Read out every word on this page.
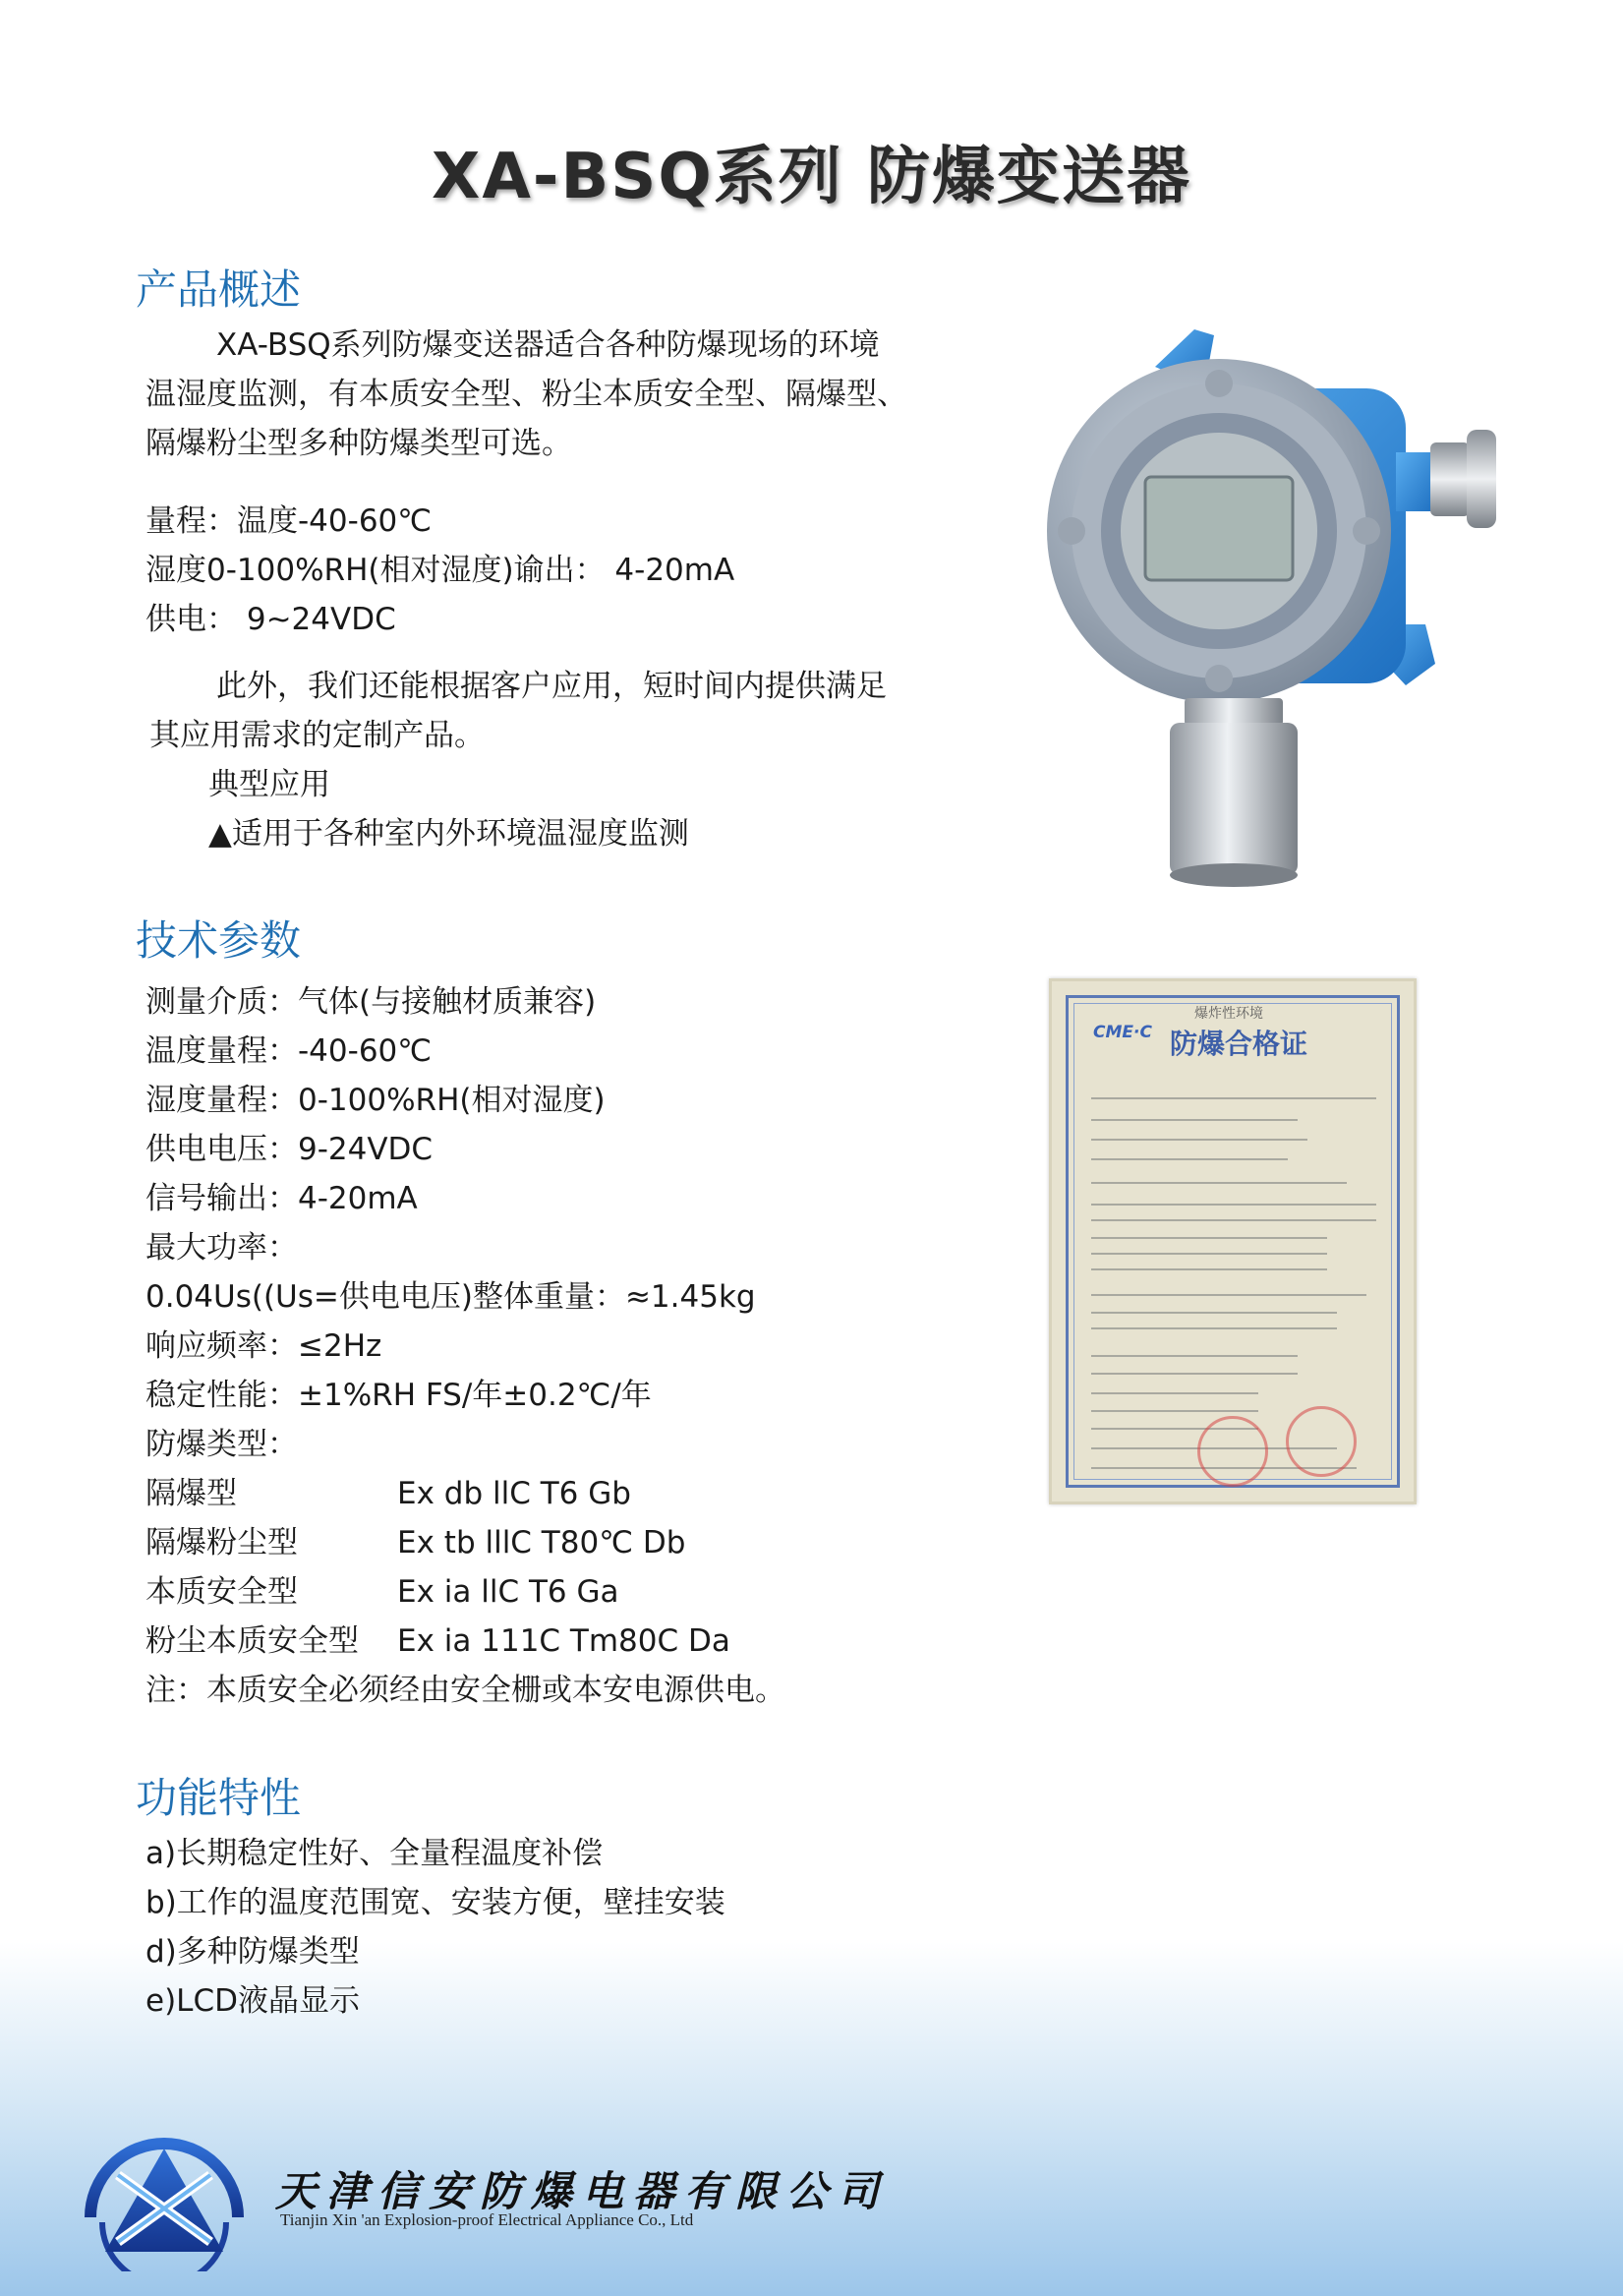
XA-BSQ系列 防爆变送器
产品概述
XA-BSQ系列防爆变送器适合各种防爆现场的环境
温湿度监测，有本质安全型、粉尘本质安全型、隔爆型、
隔爆粉尘型多种防爆类型可选。
量程：温度-40-60℃
湿度0-100%RH(相对湿度)谕出： 4-20mA
供电： 9~24VDC
此外，我们还能根据客户应用，短时间内提供满足
其应用需求的定制产品。
典型应用
▲适用于各种室内外环境温湿度监测
技术参数
测量介质：气体(与接触材质兼容)
温度量程：-40-60℃
湿度量程：0-100%RH(相对湿度)
供电电压：9-24VDC
信号输出：4-20mA
最大功率：
0.04Us((Us=供电电压)整体重量：≈1.45kg
响应频率：≤2Hz
稳定性能：±1%RH FS/年±0.2℃/年
防爆类型：
隔爆型	Ex db llC T6 Gb
隔爆粉尘型	Ex tb lllC T80℃ Db
本质安全型	Ex ia llC T6 Ga
粉尘本质安全型 Ex ia 111C Tm80C Da
注：本质安全必须经由安全栅或本安电源供电。
爆炸性环境
CME·C 防爆合格证
功能特性
a)长期稳定性好、全量程温度补偿
b)工作的温度范围宽、安装方便，壁挂安装
d)多种防爆类型
e)LCD液晶显示
天津信安防爆电器有限公司
Tianjin Xin 'an Explosion-proof Electrical Appliance Co., Ltd
